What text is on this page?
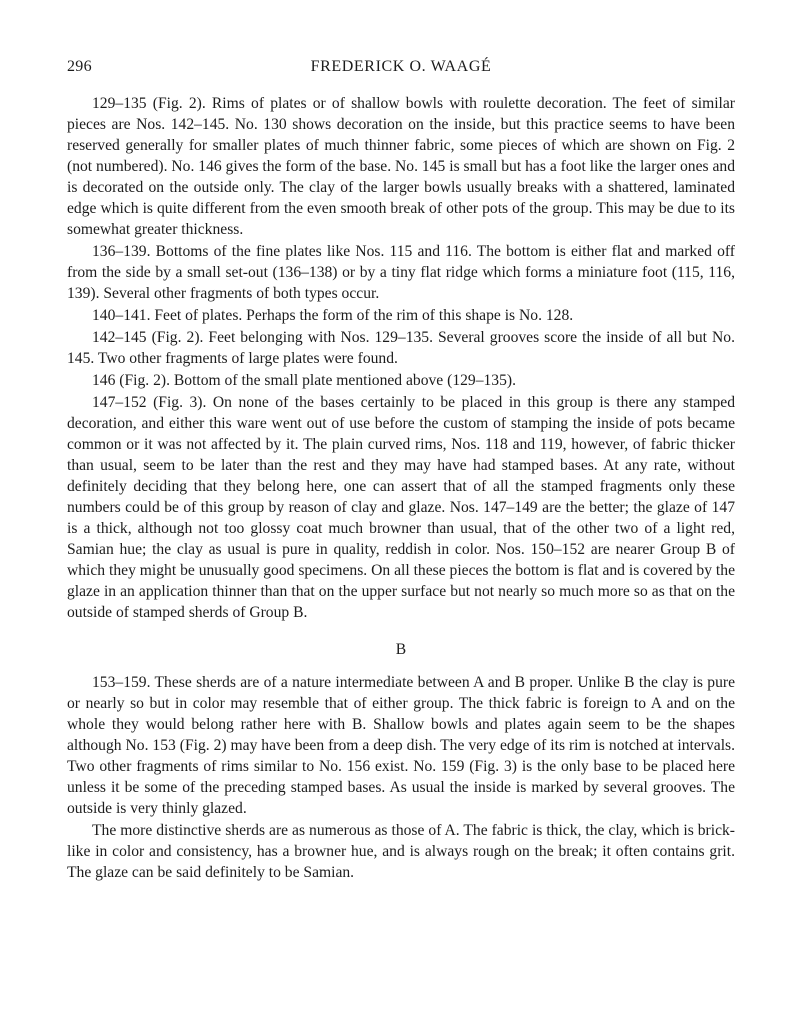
296	FREDERICK O. WAAGÉ

129–135 (Fig. 2). Rims of plates or of shallow bowls with roulette decoration. The feet of similar pieces are Nos. 142–145. No. 130 shows decoration on the inside, but this practice seems to have been reserved generally for smaller plates of much thinner fabric, some pieces of which are shown on Fig. 2 (not numbered). No. 146 gives the form of the base. No. 145 is small but has a foot like the larger ones and is decorated on the outside only. The clay of the larger bowls usually breaks with a shattered, laminated edge which is quite different from the even smooth break of other pots of the group. This may be due to its somewhat greater thickness.

136–139. Bottoms of the fine plates like Nos. 115 and 116. The bottom is either flat and marked off from the side by a small set-out (136–138) or by a tiny flat ridge which forms a miniature foot (115, 116, 139). Several other fragments of both types occur.

140–141. Feet of plates. Perhaps the form of the rim of this shape is No. 128.

142–145 (Fig. 2). Feet belonging with Nos. 129–135. Several grooves score the inside of all but No. 145. Two other fragments of large plates were found.

146 (Fig. 2). Bottom of the small plate mentioned above (129–135).

147–152 (Fig. 3). On none of the bases certainly to be placed in this group is there any stamped decoration, and either this ware went out of use before the custom of stamping the inside of pots became common or it was not affected by it. The plain curved rims, Nos. 118 and 119, however, of fabric thicker than usual, seem to be later than the rest and they may have had stamped bases. At any rate, without definitely deciding that they belong here, one can assert that of all the stamped fragments only these numbers could be of this group by reason of clay and glaze. Nos. 147–149 are the better; the glaze of 147 is a thick, although not too glossy coat much browner than usual, that of the other two of a light red, Samian hue; the clay as usual is pure in quality, reddish in color. Nos. 150–152 are nearer Group B of which they might be unusually good specimens. On all these pieces the bottom is flat and is covered by the glaze in an application thinner than that on the upper surface but not nearly so much more so as that on the outside of stamped sherds of Group B.

B

153–159. These sherds are of a nature intermediate between A and B proper. Unlike B the clay is pure or nearly so but in color may resemble that of either group. The thick fabric is foreign to A and on the whole they would belong rather here with B. Shallow bowls and plates again seem to be the shapes although No. 153 (Fig. 2) may have been from a deep dish. The very edge of its rim is notched at intervals. Two other fragments of rims similar to No. 156 exist. No. 159 (Fig. 3) is the only base to be placed here unless it be some of the preceding stamped bases. As usual the inside is marked by several grooves. The outside is very thinly glazed.

The more distinctive sherds are as numerous as those of A. The fabric is thick, the clay, which is brick-like in color and consistency, has a browner hue, and is always rough on the break; it often contains grit. The glaze can be said definitely to be Samian.
